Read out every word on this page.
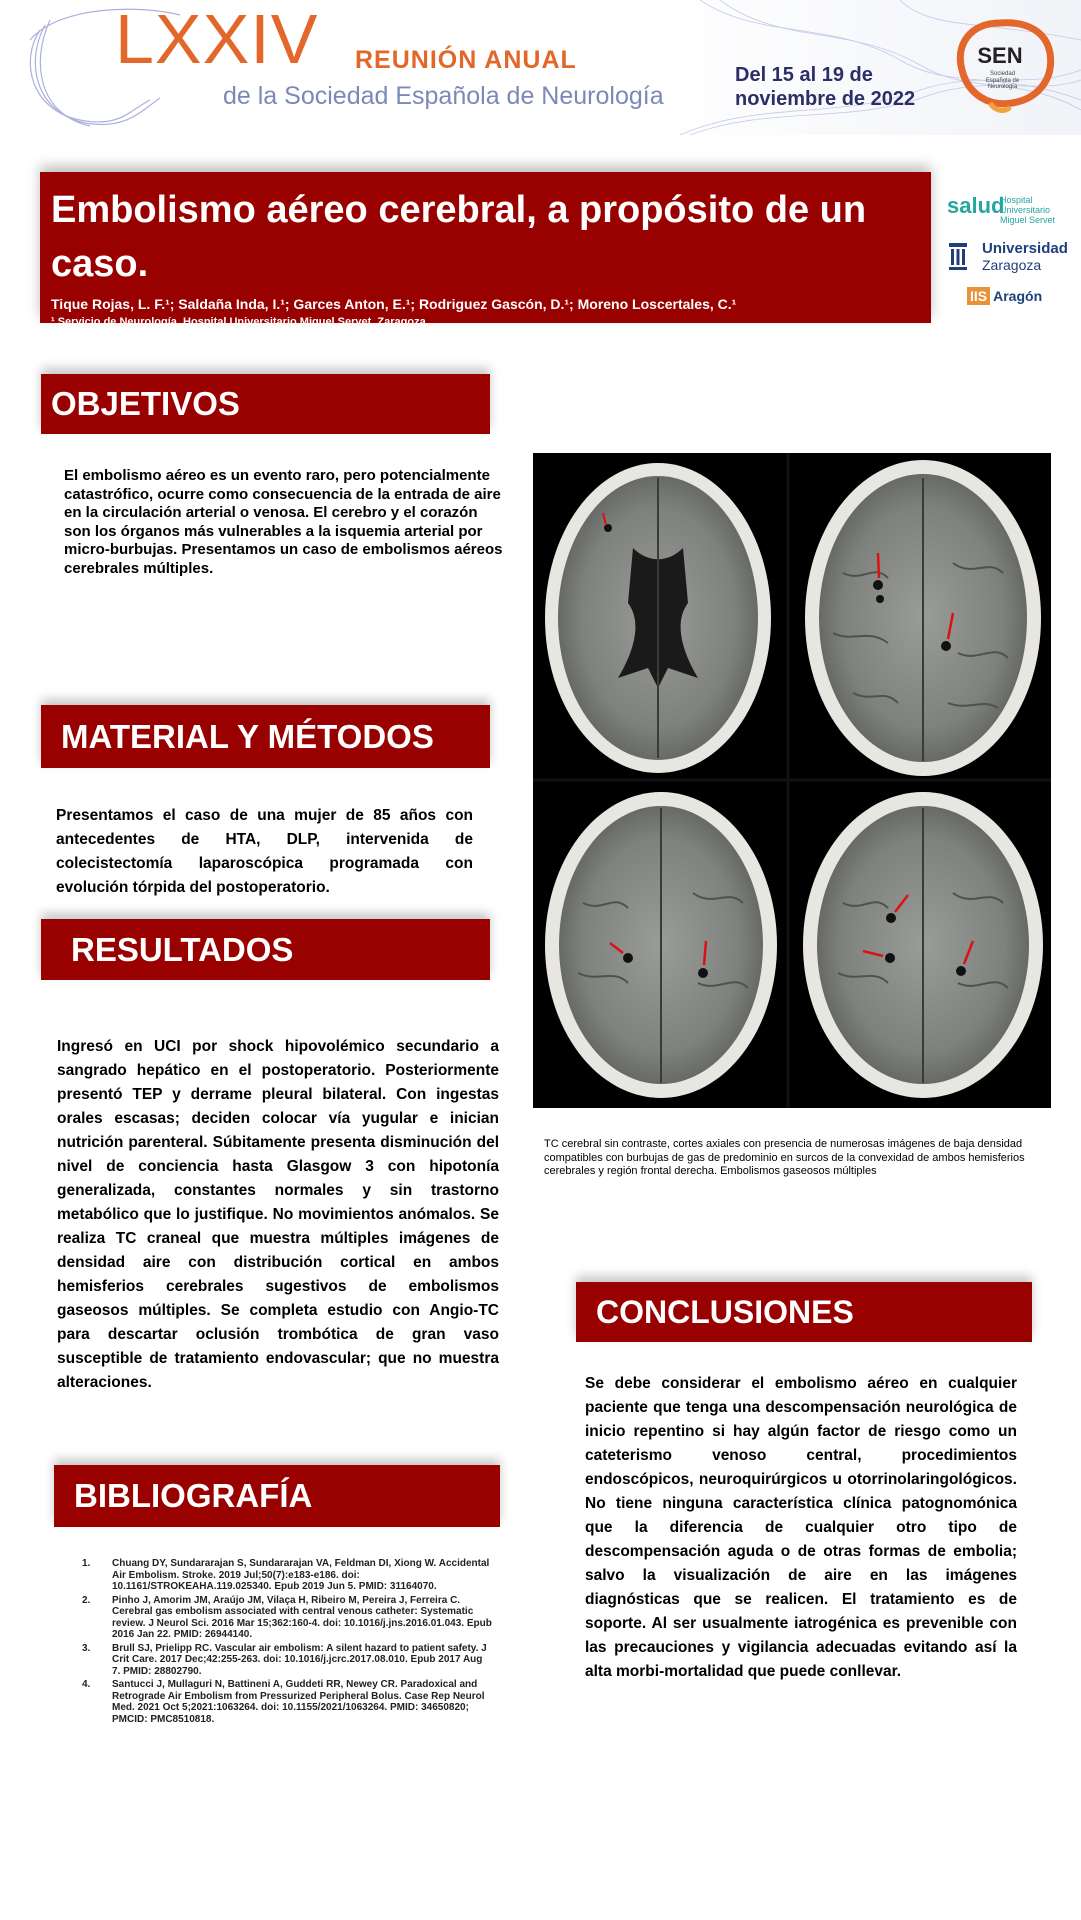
LXXIV REUNIÓN ANUAL
de la Sociedad Española de Neurología
Del 15 al 19 de
noviembre de 2022
SEN
Sociedad Española de Neurología
Embolismo aéreo cerebral, a propósito de un caso.
Tique Rojas, L. F.¹; Saldaña Inda, I.¹; Garces Anton, E.¹; Rodriguez Gascón, D.¹; Moreno Loscertales, C.¹
¹ Servicio de Neurología, Hospital Universitario Miguel Servet, Zaragoza.
salud
Hospital Universitario Miguel Servet
Universidad
Zaragoza
IIS Aragón
OBJETIVOS
El embolismo aéreo es un evento raro, pero potencialmente catastrófico, ocurre como consecuencia de la entrada de aire en la circulación arterial o venosa. El cerebro y el corazón son los órganos más vulnerables a la isquemia arterial por micro-burbujas. Presentamos un caso de embolismos aéreos cerebrales múltiples.
MATERIAL Y MÉTODOS
Presentamos el caso de una mujer de 85 años con antecedentes de HTA, DLP, intervenida de colecistectomía laparoscópica programada con evolución tórpida del postoperatorio.
RESULTADOS
Ingresó en UCI por shock hipovolémico secundario a sangrado hepático en el postoperatorio. Posteriormente presentó TEP y derrame pleural bilateral. Con ingestas orales escasas; deciden colocar vía yugular e inician nutrición parenteral. Súbitamente presenta disminución del nivel de conciencia hasta Glasgow 3 con hipotonía generalizada, constantes normales y sin trastorno metabólico que lo justifique. No movimientos anómalos. Se realiza TC craneal que muestra múltiples imágenes de densidad aire con distribución cortical en ambos hemisferios cerebrales sugestivos de embolismos gaseosos múltiples. Se completa estudio con Angio-TC para descartar oclusión trombótica de gran vaso susceptible de tratamiento endovascular; que no muestra alteraciones.
BIBLIOGRAFÍA
1. Chuang DY, Sundararajan S, Sundararajan VA, Feldman DI, Xiong W. Accidental Air Embolism. Stroke. 2019 Jul;50(7):e183-e186. doi: 10.1161/STROKEAHA.119.025340. Epub 2019 Jun 5. PMID: 31164070.
2. Pinho J, Amorim JM, Araújo JM, Vilaça H, Ribeiro M, Pereira J, Ferreira C. Cerebral gas embolism associated with central venous catheter: Systematic review. J Neurol Sci. 2016 Mar 15;362:160-4. doi: 10.1016/j.jns.2016.01.043. Epub 2016 Jan 22. PMID: 26944140.
3. Brull SJ, Prielipp RC. Vascular air embolism: A silent hazard to patient safety. J Crit Care. 2017 Dec;42:255-263. doi: 10.1016/j.jcrc.2017.08.010. Epub 2017 Aug 7. PMID: 28802790.
4. Santucci J, Mullaguri N, Battineni A, Guddeti RR, Newey CR. Paradoxical and Retrograde Air Embolism from Pressurized Peripheral Bolus. Case Rep Neurol Med. 2021 Oct 5;2021:1063264. doi: 10.1155/2021/1063264. PMID: 34650820; PMCID: PMC8510818.
TC cerebral sin contraste, cortes axiales con presencia de numerosas imágenes de baja densidad compatibles con burbujas de gas de predominio en surcos de la convexidad de ambos hemisferios cerebrales y región frontal derecha. Embolismos gaseosos múltiples
CONCLUSIONES
Se debe considerar el embolismo aéreo en cualquier paciente que tenga una descompensación neurológica de inicio repentino si hay algún factor de riesgo como un cateterismo venoso central, procedimientos endoscópicos, neuroquirúrgicos u otorrinolaringológicos. No tiene ninguna característica clínica patognomónica que la diferencia de cualquier otro tipo de descompensación aguda o de otras formas de embolia; salvo la visualización de aire en las imágenes diagnósticas que se realicen. El tratamiento es de soporte. Al ser usualmente iatrogénica es prevenible con las precauciones y vigilancia adecuadas evitando así la alta morbi-mortalidad que puede conllevar.
